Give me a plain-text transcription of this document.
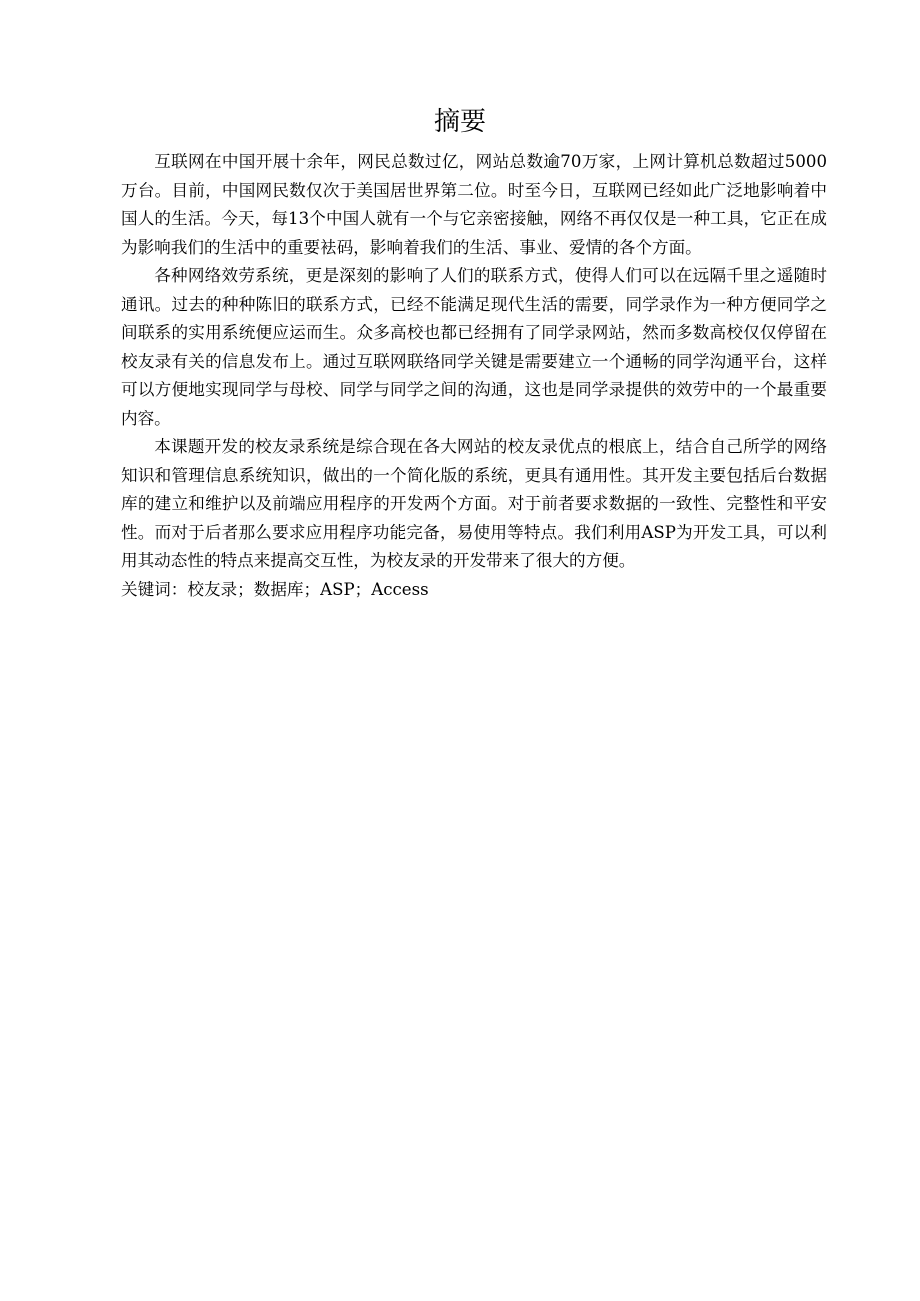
摘要

互联网在中国开展十余年，网民总数过亿，网站总数逾70万家，上网计算机总数超过5000万台。目前，中国网民数仅次于美国居世界第二位。时至今日，互联网已经如此广泛地影响着中国人的生活。今天，每13个中国人就有一个与它亲密接触，网络不再仅仅是一种工具，它正在成为影响我们的生活中的重要袪码，影响着我们的生活、事业、爱情的各个方面。

各种网络效劳系统，更是深刻的影响了人们的联系方式，使得人们可以在远隔千里之遥随时通讯。过去的种种陈旧的联系方式，已经不能满足现代生活的需要，同学录作为一种方便同学之间联系的实用系统便应运而生。众多高校也都已经拥有了同学录网站，然而多数高校仅仅停留在校友录有关的信息发布上。通过互联网联络同学关键是需要建立一个通畅的同学沟通平台，这样可以方便地实现同学与母校、同学与同学之间的沟通，这也是同学录提供的效劳中的一个最重要内容。

本课题开发的校友录系统是综合现在各大网站的校友录优点的根底上，结合自己所学的网络知识和管理信息系统知识，做出的一个简化版的系统，更具有通用性。其开发主要包括后台数据库的建立和维护以及前端应用程序的开发两个方面。对于前者要求数据的一致性、完整性和平安性。而对于后者那么要求应用程序功能完备，易使用等特点。我们利用ASP为开发工具，可以利用其动态性的特点来提高交互性，为校友录的开发带来了很大的方便。

关键词：校友录；数据库；ASP；Access
